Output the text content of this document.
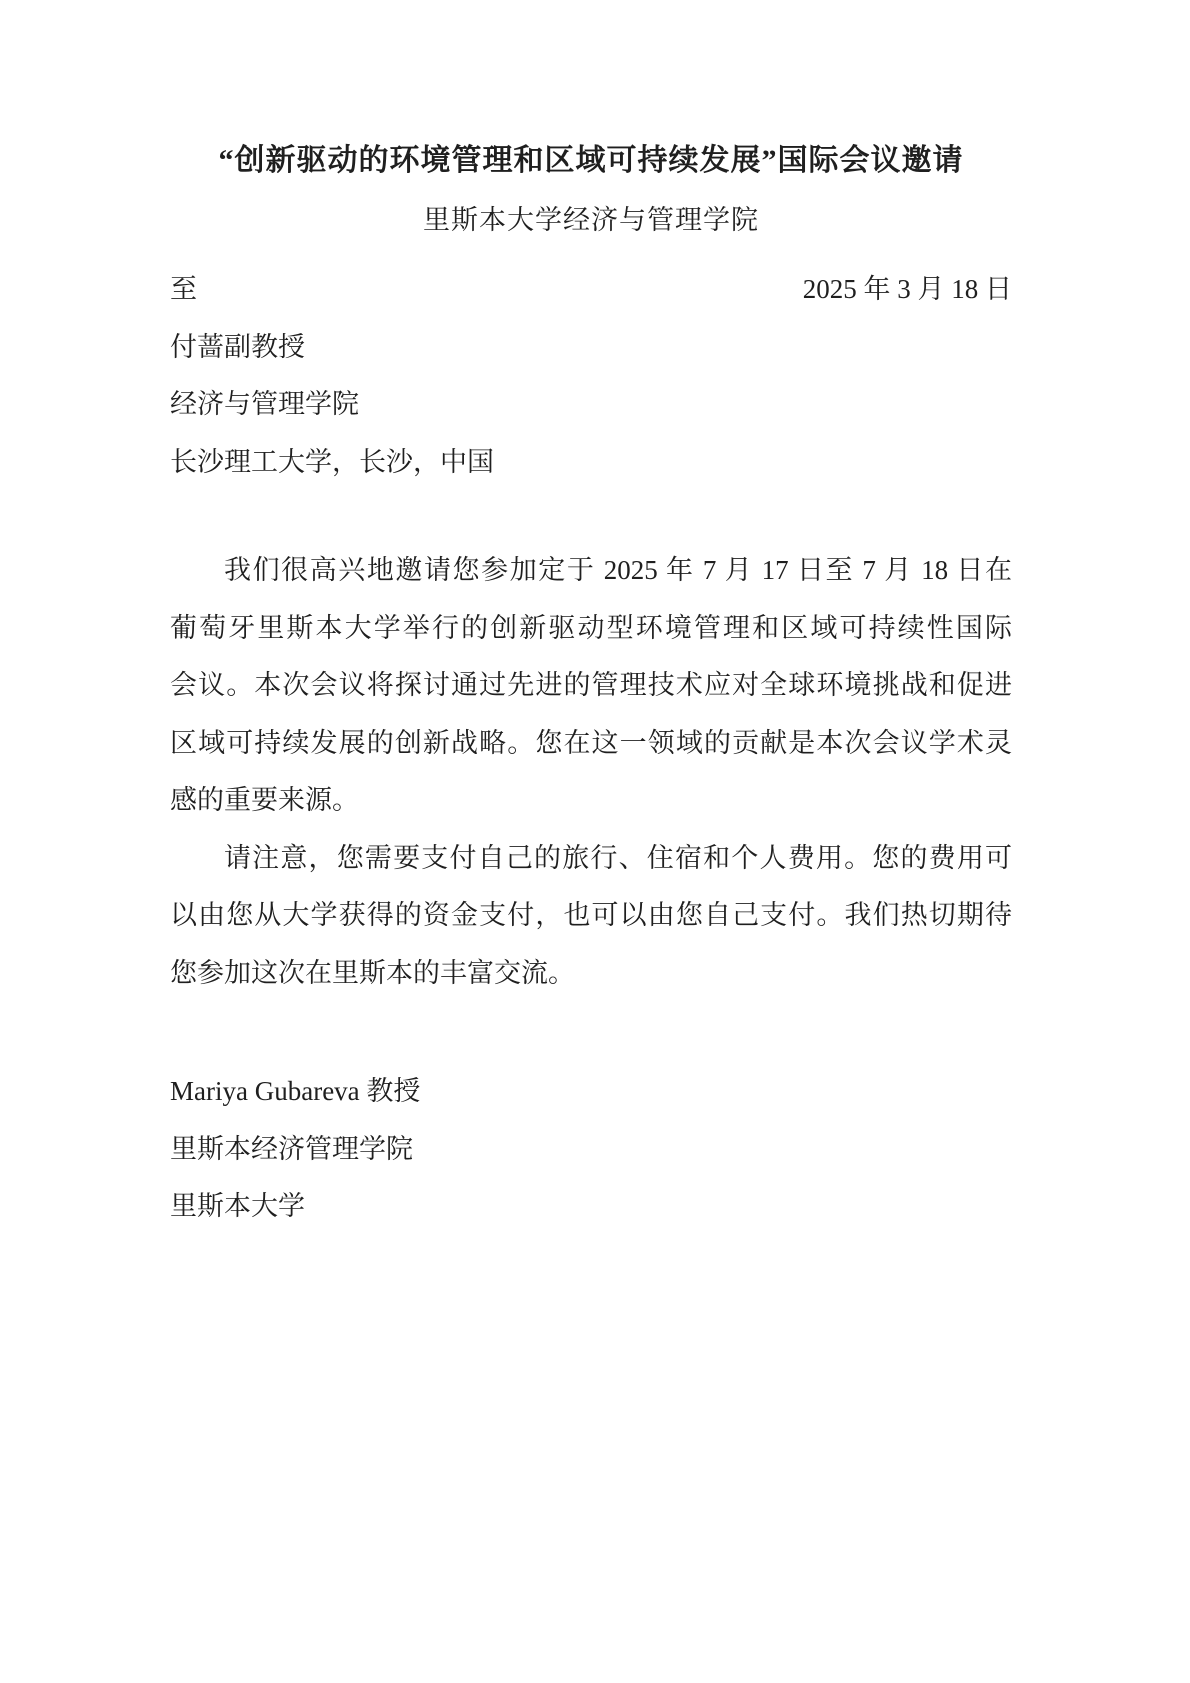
“创新驱动的环境管理和区域可持续发展”国际会议邀请
里斯本大学经济与管理学院
至	2025 年 3 月 18 日
付蔷副教授
经济与管理学院
长沙理工大学，长沙，中国
我们很高兴地邀请您参加定于 2025 年 7 月 17 日至 7 月 18 日在
葡萄牙里斯本大学举行的创新驱动型环境管理和区域可持续性国际
会议。本次会议将探讨通过先进的管理技术应对全球环境挑战和促进
区域可持续发展的创新战略。您在这一领域的贡献是本次会议学术灵
感的重要来源。
请注意，您需要支付自己的旅行、住宿和个人费用。您的费用可
以由您从大学获得的资金支付，也可以由您自己支付。我们热切期待
您参加这次在里斯本的丰富交流。
Mariya Gubareva 教授
里斯本经济管理学院
里斯本大学
